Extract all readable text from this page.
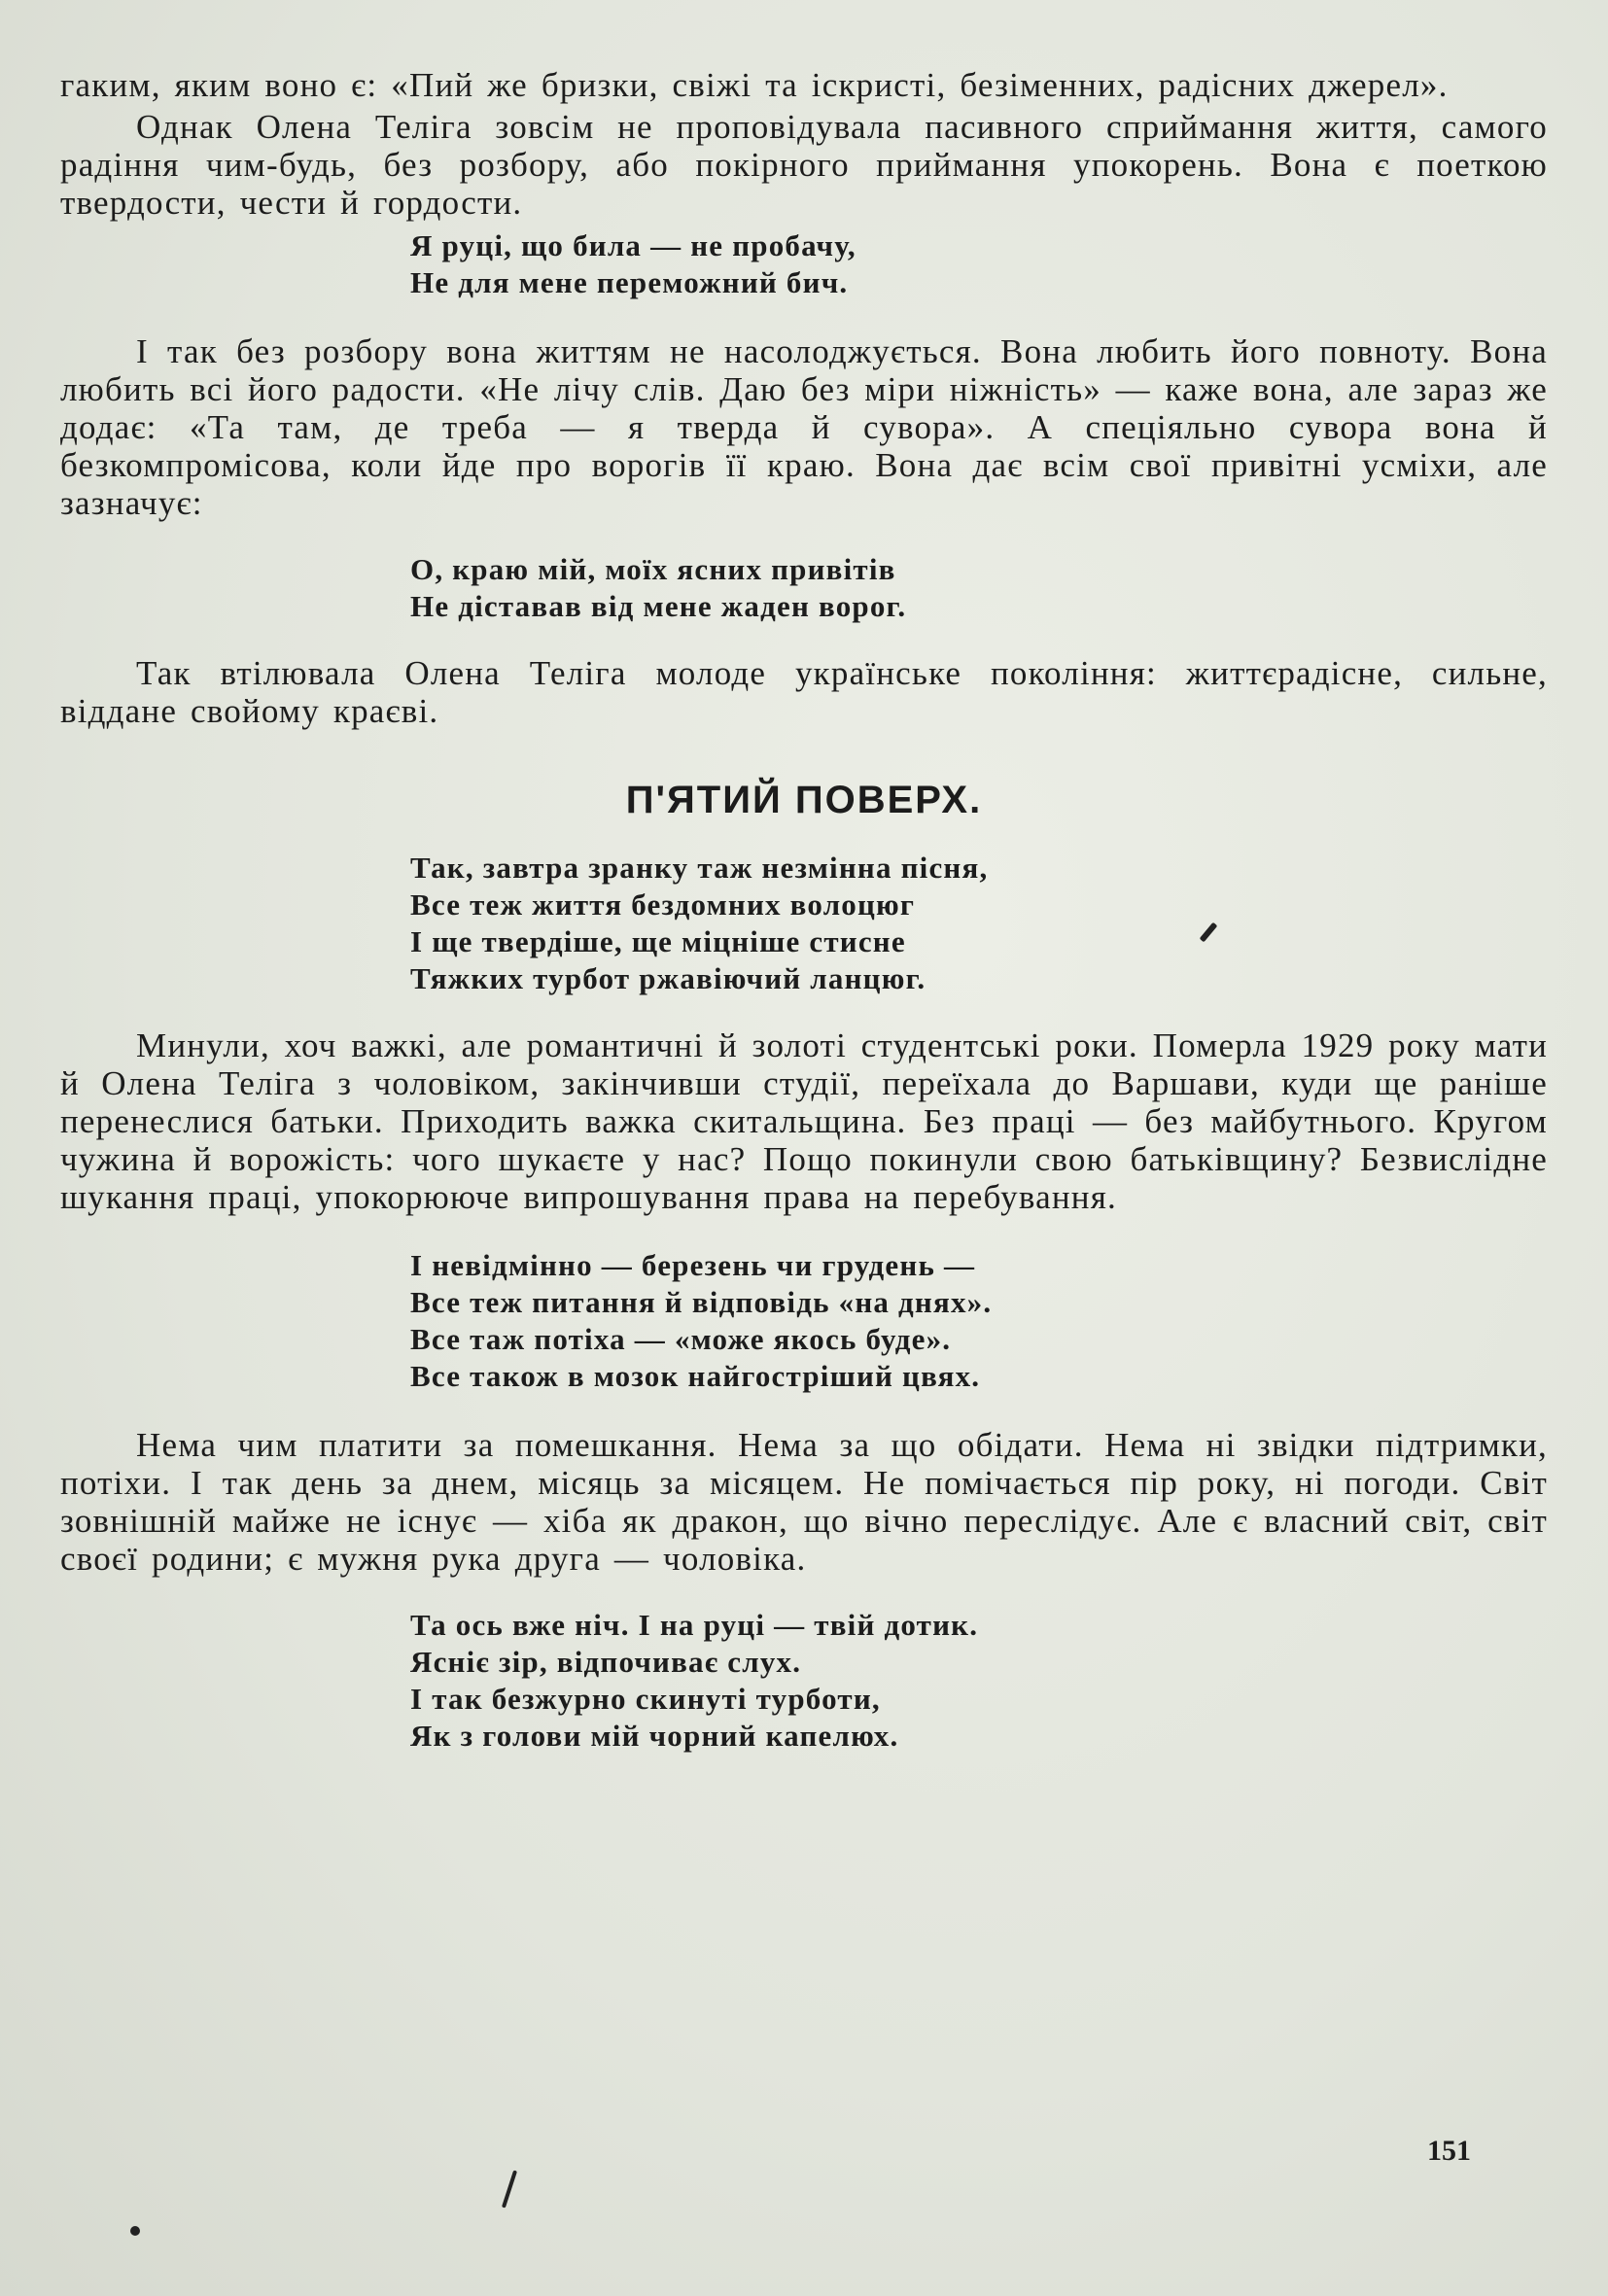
гаким, яким воно є: «Пий же бризки, свіжі та іскристі, безіменних, радісних джерел».

Однак Олена Теліга зовсім не проповідувала пасивного сприймання життя, самого радіння чим-будь, без розбору, або покірного приймання упокорень. Вона є поеткою твердости, чести й гордости.

Я руці, що била — не пробачу,
Не для мене переможний бич.

І так без розбору вона життям не насолоджується. Вона любить його повноту. Вона любить всі його радости. «Не лічу слів. Даю без міри ніжність» — каже вона, але зараз же додає: «Та там, де треба — я тверда й сувора». А спеціяльно сувора вона й безкомпромісова, коли йде про ворогів її краю. Вона дає всім свої привітні усміхи, але зазначує:

О, краю мій, моїх ясних привітів
Не діставав від мене жаден ворог.

Так втілювала Олена Теліга молоде українське покоління: життєрадісне, сильне, віддане свойому краєві.

П'ЯТИЙ ПОВЕРХ.
Так, завтра зранку таж незмінна пісня,
Все теж життя бездомних волоцюг
І ще твердіше, ще міцніше стисне
Тяжких турбот ржавіючий ланцюг.

Минули, хоч важкі, але романтичні й золоті студентські роки. Померла 1929 року мати й Олена Теліга з чоловіком, закінчивши студії, переїхала до Варшави, куди ще раніше перенеслися батьки. Приходить важка скитальщина. Без праці — без майбутнього. Кругом чужина й ворожість: чого шукаєте у нас? Пощо покинули свою батьківщину? Безвислідне шукання праці, упокорюючe випрошування права на перебування.

І невідмінно — березень чи грудень —
Все теж питання й відповідь «на днях».
Все таж потіха — «може якось буде».
Все також в мозок найгостріший цвях.

Нема чим платити за помешкання. Нема за що обідати. Нема ні звідки підтримки, потіхи. І так день за днем, місяць за місяцем. Не помічається пір року, ні погоди. Світ зовнішній майже не існує — хіба як дракон, що вічно переслідує. Але є власний світ, світ своєї родини; є мужня рука друга — чоловіка.

Та ось вже ніч. І на руці — твій дотик.
Яснiє зір, відпочиває слух.
І так безжурно скинуті турботи,
Як з голови мій чорний капелюх.
151
